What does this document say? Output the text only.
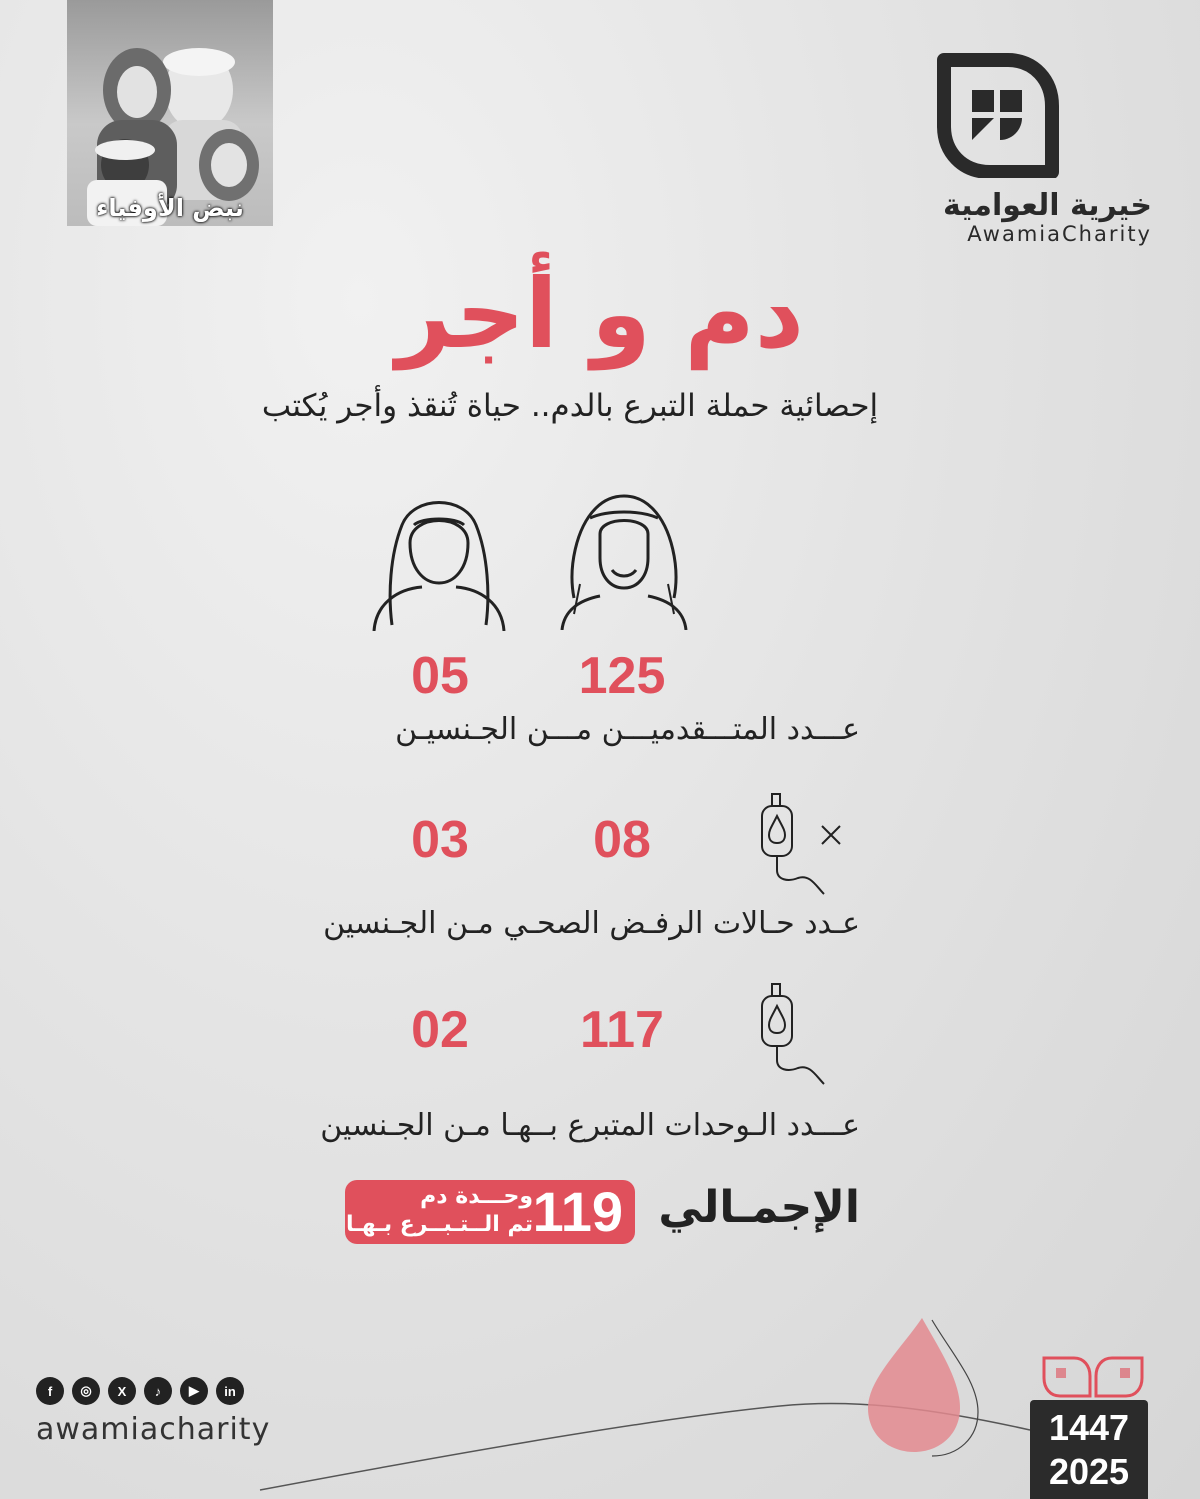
نبض الأوفياء	خيرية العوامية
AwamiaCharity
دم و أجر
إحصائية حملة التبرع بالدم.. حياة تُنقذ وأجر يُكتب
05	125
عـــدد المتـــقدميـــن مـــن الجـنسيـن
03	08
عـدد حـالات الرفـض الصحـي مـن الجـنسين
02	117
عـــدد الـوحدات المتبرع بــهـا مـن الجـنسين
الإجمـالي
119
وحـــدة دم
تم الــتـبــرع بـهـا
f	◎	X	♪	▶	in
awamiacharity	1447
2025
